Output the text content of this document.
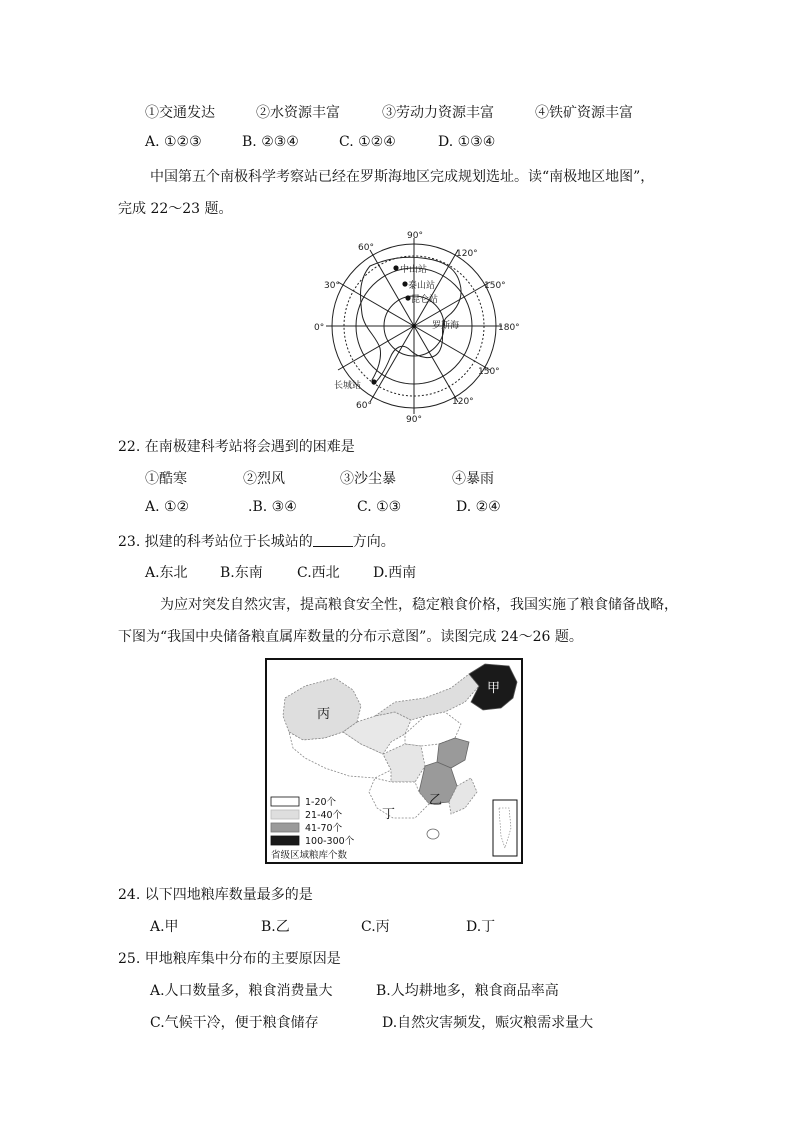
①交通发达	②水资源丰富	③劳动力资源丰富	④铁矿资源丰富
A. ①②③	B. ②③④	C. ①②④	D. ①③④
中国第五个南极科学考察站已经在罗斯海地区完成规划选址。读“南极地区地图”，
完成 22～23 题。
90°
60°
120°
30°	150°
0°	180°
150°
60°
90°
120°
中山站
泰山站
昆仑站
长城站
罗斯海
22. 在南极建科考站将会遇到的困难是
①酷寒	②烈风	③沙尘暴	④暴雨
A. ①②	.B. ③④	C. ①③	D. ②④
23. 拟建的科考站位于长城站的	方向。
A.东北 B.东南 C.西北 D.西南
为应对突发自然灾害，提高粮食安全性，稳定粮食价格，我国实施了粮食储备战略，
下图为“我国中央储备粮直属库数量的分布示意图”。读图完成 24～26 题。
甲
丙
乙
丁
1-20个
21-40个
41-70个
100-300个
省级区域粮库个数
24. 以下四地粮库数量最多的是
A.甲	B.乙	C.丙	D.丁
25. 甲地粮库集中分布的主要原因是
A.人口数量多，粮食消费量大	B.人均耕地多，粮食商品率高
C.气候干冷，便于粮食储存	D.自然灾害频发，赈灾粮需求量大
